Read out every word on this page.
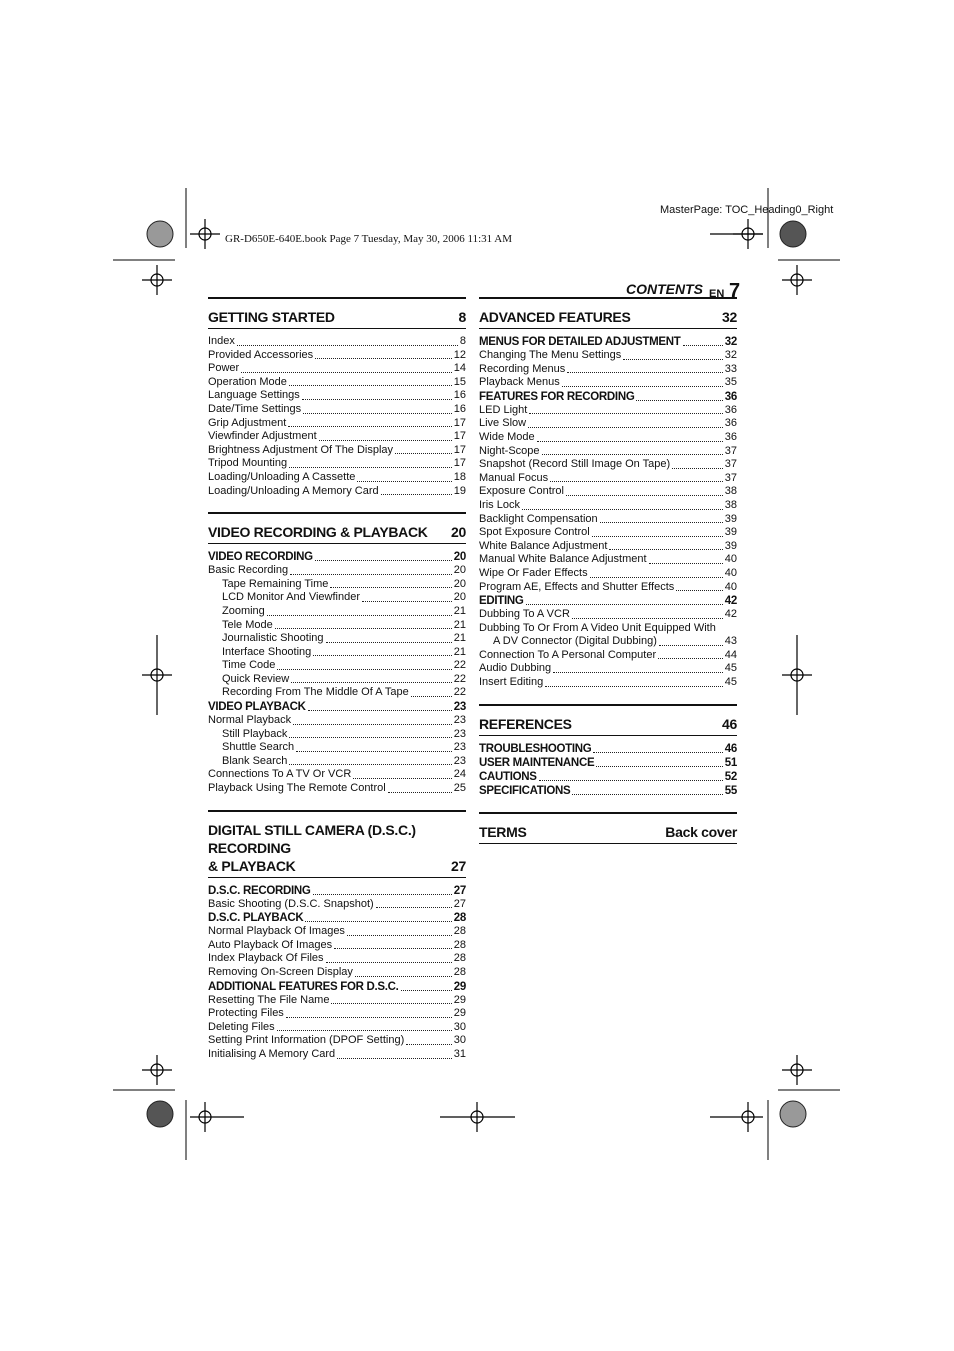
MasterPage: TOC_Heading0_Right
GR-D650E-640E.book Page 7 Tuesday, May 30, 2006 11:31 AM
CONTENTS EN 7
GETTING STARTED	8
Index	8
Provided Accessories	12
Power	14
Operation Mode	15
Language Settings	16
Date/Time Settings	16
Grip Adjustment	17
Viewfinder Adjustment	17
Brightness Adjustment Of The Display	17
Tripod Mounting	17
Loading/Unloading A Cassette	18
Loading/Unloading A Memory Card	19
VIDEO RECORDING & PLAYBACK	20
VIDEO RECORDING	20
Basic Recording	20
Tape Remaining Time	20
LCD Monitor And Viewfinder	20
Zooming	21
Tele Mode	21
Journalistic Shooting	21
Interface Shooting	21
Time Code	22
Quick Review	22
Recording From The Middle Of A Tape	22
VIDEO PLAYBACK	23
Normal Playback	23
Still Playback	23
Shuttle Search	23
Blank Search	23
Connections To A TV Or VCR	24
Playback Using The Remote Control	25
DIGITAL STILL CAMERA (D.S.C.) RECORDING
& PLAYBACK	27
D.S.C. RECORDING	27
Basic Shooting (D.S.C. Snapshot)	27
D.S.C. PLAYBACK	28
Normal Playback Of Images	28
Auto Playback Of Images	28
Index Playback Of Files	28
Removing On-Screen Display	28
ADDITIONAL FEATURES FOR D.S.C.	29
Resetting The File Name	29
Protecting Files	29
Deleting Files	30
Setting Print Information (DPOF Setting)	30
Initialising A Memory Card	31
ADVANCED FEATURES	32
MENUS FOR DETAILED ADJUSTMENT	32
Changing The Menu Settings	32
Recording Menus	33
Playback Menus	35
FEATURES FOR RECORDING	36
LED Light	36
Live Slow	36
Wide Mode	36
Night-Scope	37
Snapshot (Record Still Image On Tape)	37
Manual Focus	37
Exposure Control	38
Iris Lock	38
Backlight Compensation	39
Spot Exposure Control	39
White Balance Adjustment	39
Manual White Balance Adjustment	40
Wipe Or Fader Effects	40
Program AE, Effects and Shutter Effects	40
EDITING	42
Dubbing To A VCR	42
Dubbing To Or From A Video Unit Equipped With
A DV Connector (Digital Dubbing)	43
Connection To A Personal Computer	44
Audio Dubbing	45
Insert Editing	45
REFERENCES	46
TROUBLESHOOTING	46
USER MAINTENANCE	51
CAUTIONS	52
SPECIFICATIONS	55
TERMS	Back cover
